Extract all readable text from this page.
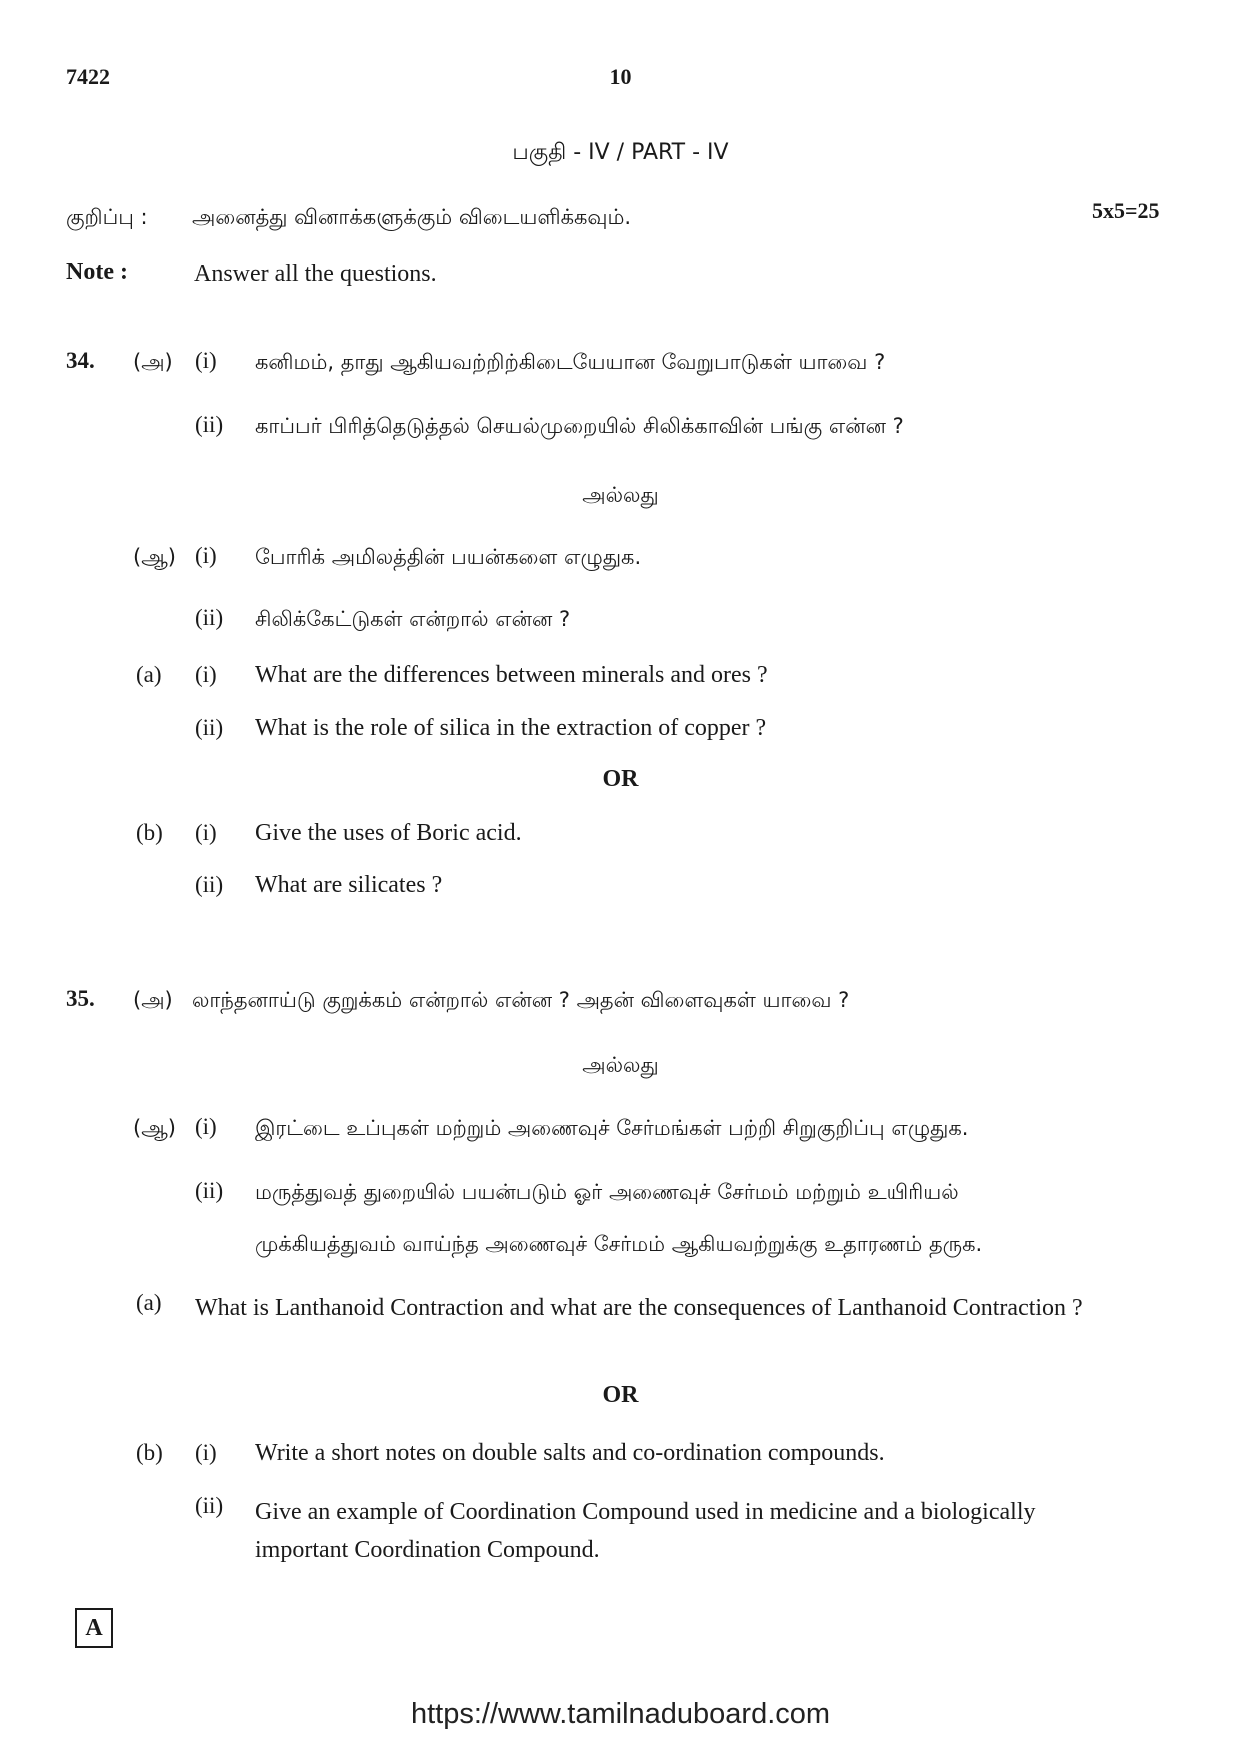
7422	10
பகுதி - IV / PART - IV
குறிப்பு : அனைத்து வினாக்களுக்கும் விடையளிக்கவும்.	5x5=25
Note :	Answer all the questions.
34. (அ) (i) கனிமம், தாது ஆகியவற்றிற்கிடையேயான வேறுபாடுகள் யாவை ?
(ii) காப்பர் பிரித்தெடுத்தல் செயல்முறையில் சிலிக்காவின் பங்கு என்ன ?
அல்லது
(ஆ) (i) போரிக் அமிலத்தின் பயன்களை எழுதுக.
(ii) சிலிக்கேட்டுகள் என்றால் என்ன ?
(a) (i) What are the differences between minerals and ores ?
(ii) What is the role of silica in the extraction of copper ?
OR
(b) (i) Give the uses of Boric acid.
(ii) What are silicates ?
35. (அ) லாந்தனாய்டு குறுக்கம் என்றால் என்ன ? அதன் விளைவுகள் யாவை ?
அல்லது
(ஆ) (i) இரட்டை உப்புகள் மற்றும் அணைவுச் சேர்மங்கள் பற்றி சிறுகுறிப்பு எழுதுக.
(ii) மருத்துவத் துறையில் பயன்படும் ஓர் அணைவுச் சேர்மம் மற்றும் உயிரியல்
முக்கியத்துவம் வாய்ந்த அணைவுச் சேர்மம் ஆகியவற்றுக்கு உதாரணம் தருக.
(a) What is Lanthanoid Contraction and what are the consequences of Lanthanoid Contraction ?
OR
(b) (i) Write a short notes on double salts and co-ordination compounds.
(ii) Give an example of Coordination Compound used in medicine and a biologically important Coordination Compound.
A
https://www.tamilnaduboard.com
